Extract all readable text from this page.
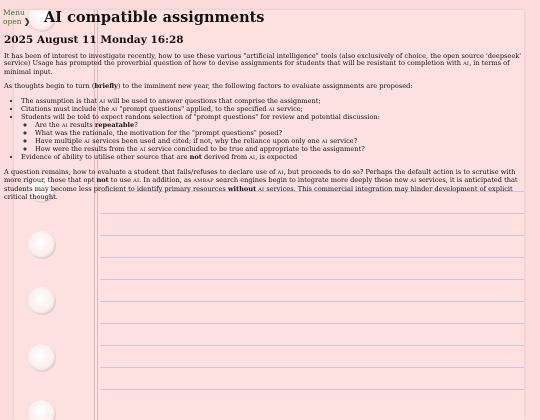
Menu
open ❯ AI compatible assignments
2025 August 11 Monday 16:28

It has been of interest to investigate recently, how to use these various "artificial intelligence" tools (also exclusively of choice, the open source 'deepseek' service) Usage has prompted the proverbial question of how to devise assignments for students that will be resistant to completion with AI, in terms of minimal input.

As thoughts begin to turn (briefly) to the imminent new year, the following factors to evaluate assignments are proposed:

• The assumption is that AI will be used to answer questions that comprise the assignment;
• Citations must include the AI "prompt questions" applied, to the specified AI service;
• Students will be told to expect random selection of "prompt questions" for review and potential discussion:
◦ Are the AI results repeatable?
◦ What was the rationale, the motivation for the "prompt questions" posed?
◦ Have multiple AI services been used and cited; if not, why the reliance upon only one AI service?
◦ How were the results from the AI service concluded to be true and appropriate to the assignment?
• Evidence of ability to utilise other source that are not derived from AI, is expected

A question remains, how to evaluate a student that fails/refuses to declare use of AI, but proceeds to do so? Perhaps the default action is to scrutise with more rigour, those that opt not to use AI. In addition, as AMBAP search engines begin to integrate more deeply these new AI services, it is anticipated that students may become less proficient to identify primary resources without AI services. This commercial integration may hinder development of explicit critical thought.
